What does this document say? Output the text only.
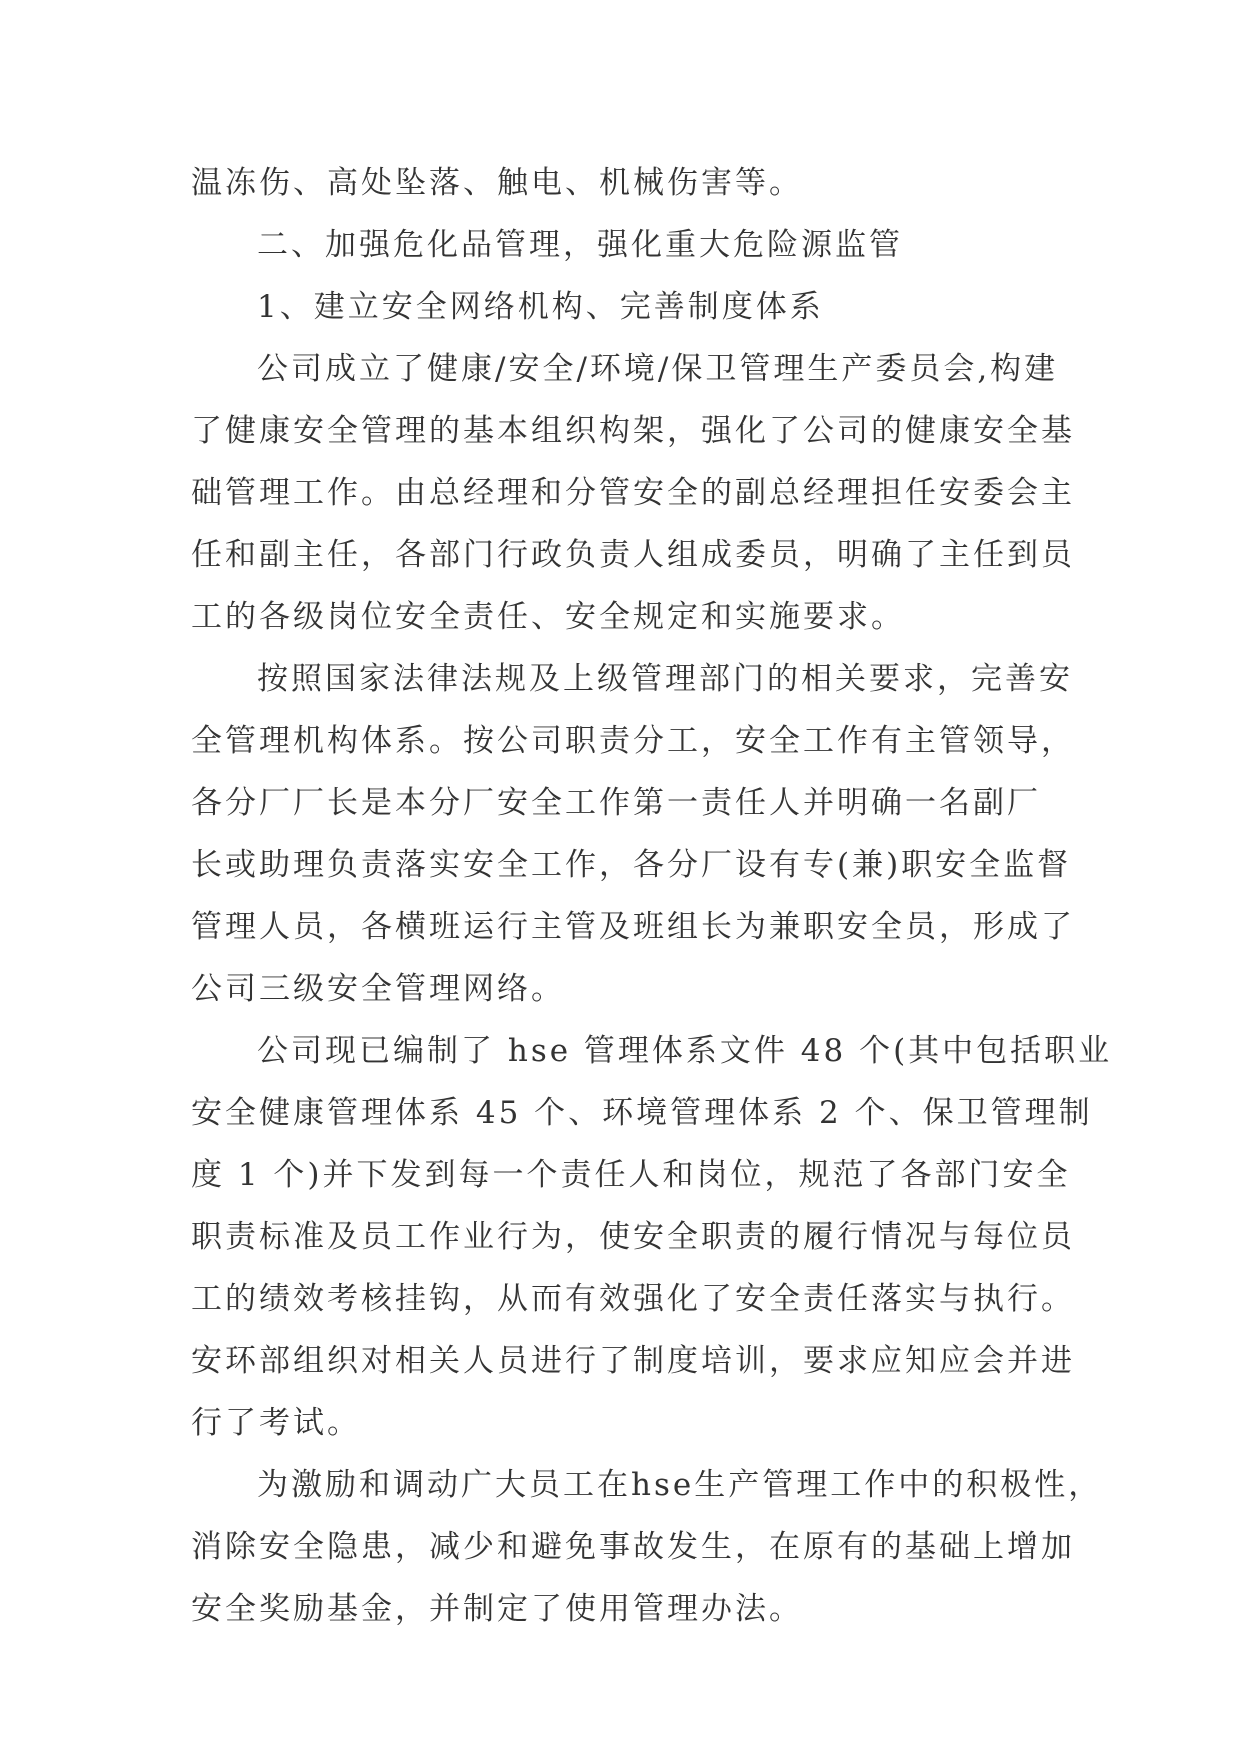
温冻伤、高处坠落、触电、机械伤害等。
二、加强危化品管理，强化重大危险源监管
1、建立安全网络机构、完善制度体系
公司成立了健康/安全/环境/保卫管理生产委员会,构建
了健康安全管理的基本组织构架，强化了公司的健康安全基
础管理工作。由总经理和分管安全的副总经理担任安委会主
任和副主任，各部门行政负责人组成委员，明确了主任到员
工的各级岗位安全责任、安全规定和实施要求。
按照国家法律法规及上级管理部门的相关要求，完善安
全管理机构体系。按公司职责分工，安全工作有主管领导，
各分厂厂长是本分厂安全工作第一责任人并明确一名副厂
长或助理负责落实安全工作，各分厂设有专(兼)职安全监督
管理人员，各横班运行主管及班组长为兼职安全员，形成了
公司三级安全管理网络。
公司现已编制了 hse 管理体系文件 48 个(其中包括职业
安全健康管理体系 45 个、环境管理体系 2 个、保卫管理制
度 1 个)并下发到每一个责任人和岗位，规范了各部门安全
职责标准及员工作业行为，使安全职责的履行情况与每位员
工的绩效考核挂钩，从而有效强化了安全责任落实与执行。
安环部组织对相关人员进行了制度培训，要求应知应会并进
行了考试。
为激励和调动广大员工在hse生产管理工作中的积极性，
消除安全隐患，减少和避免事故发生，在原有的基础上增加
安全奖励基金，并制定了使用管理办法。
